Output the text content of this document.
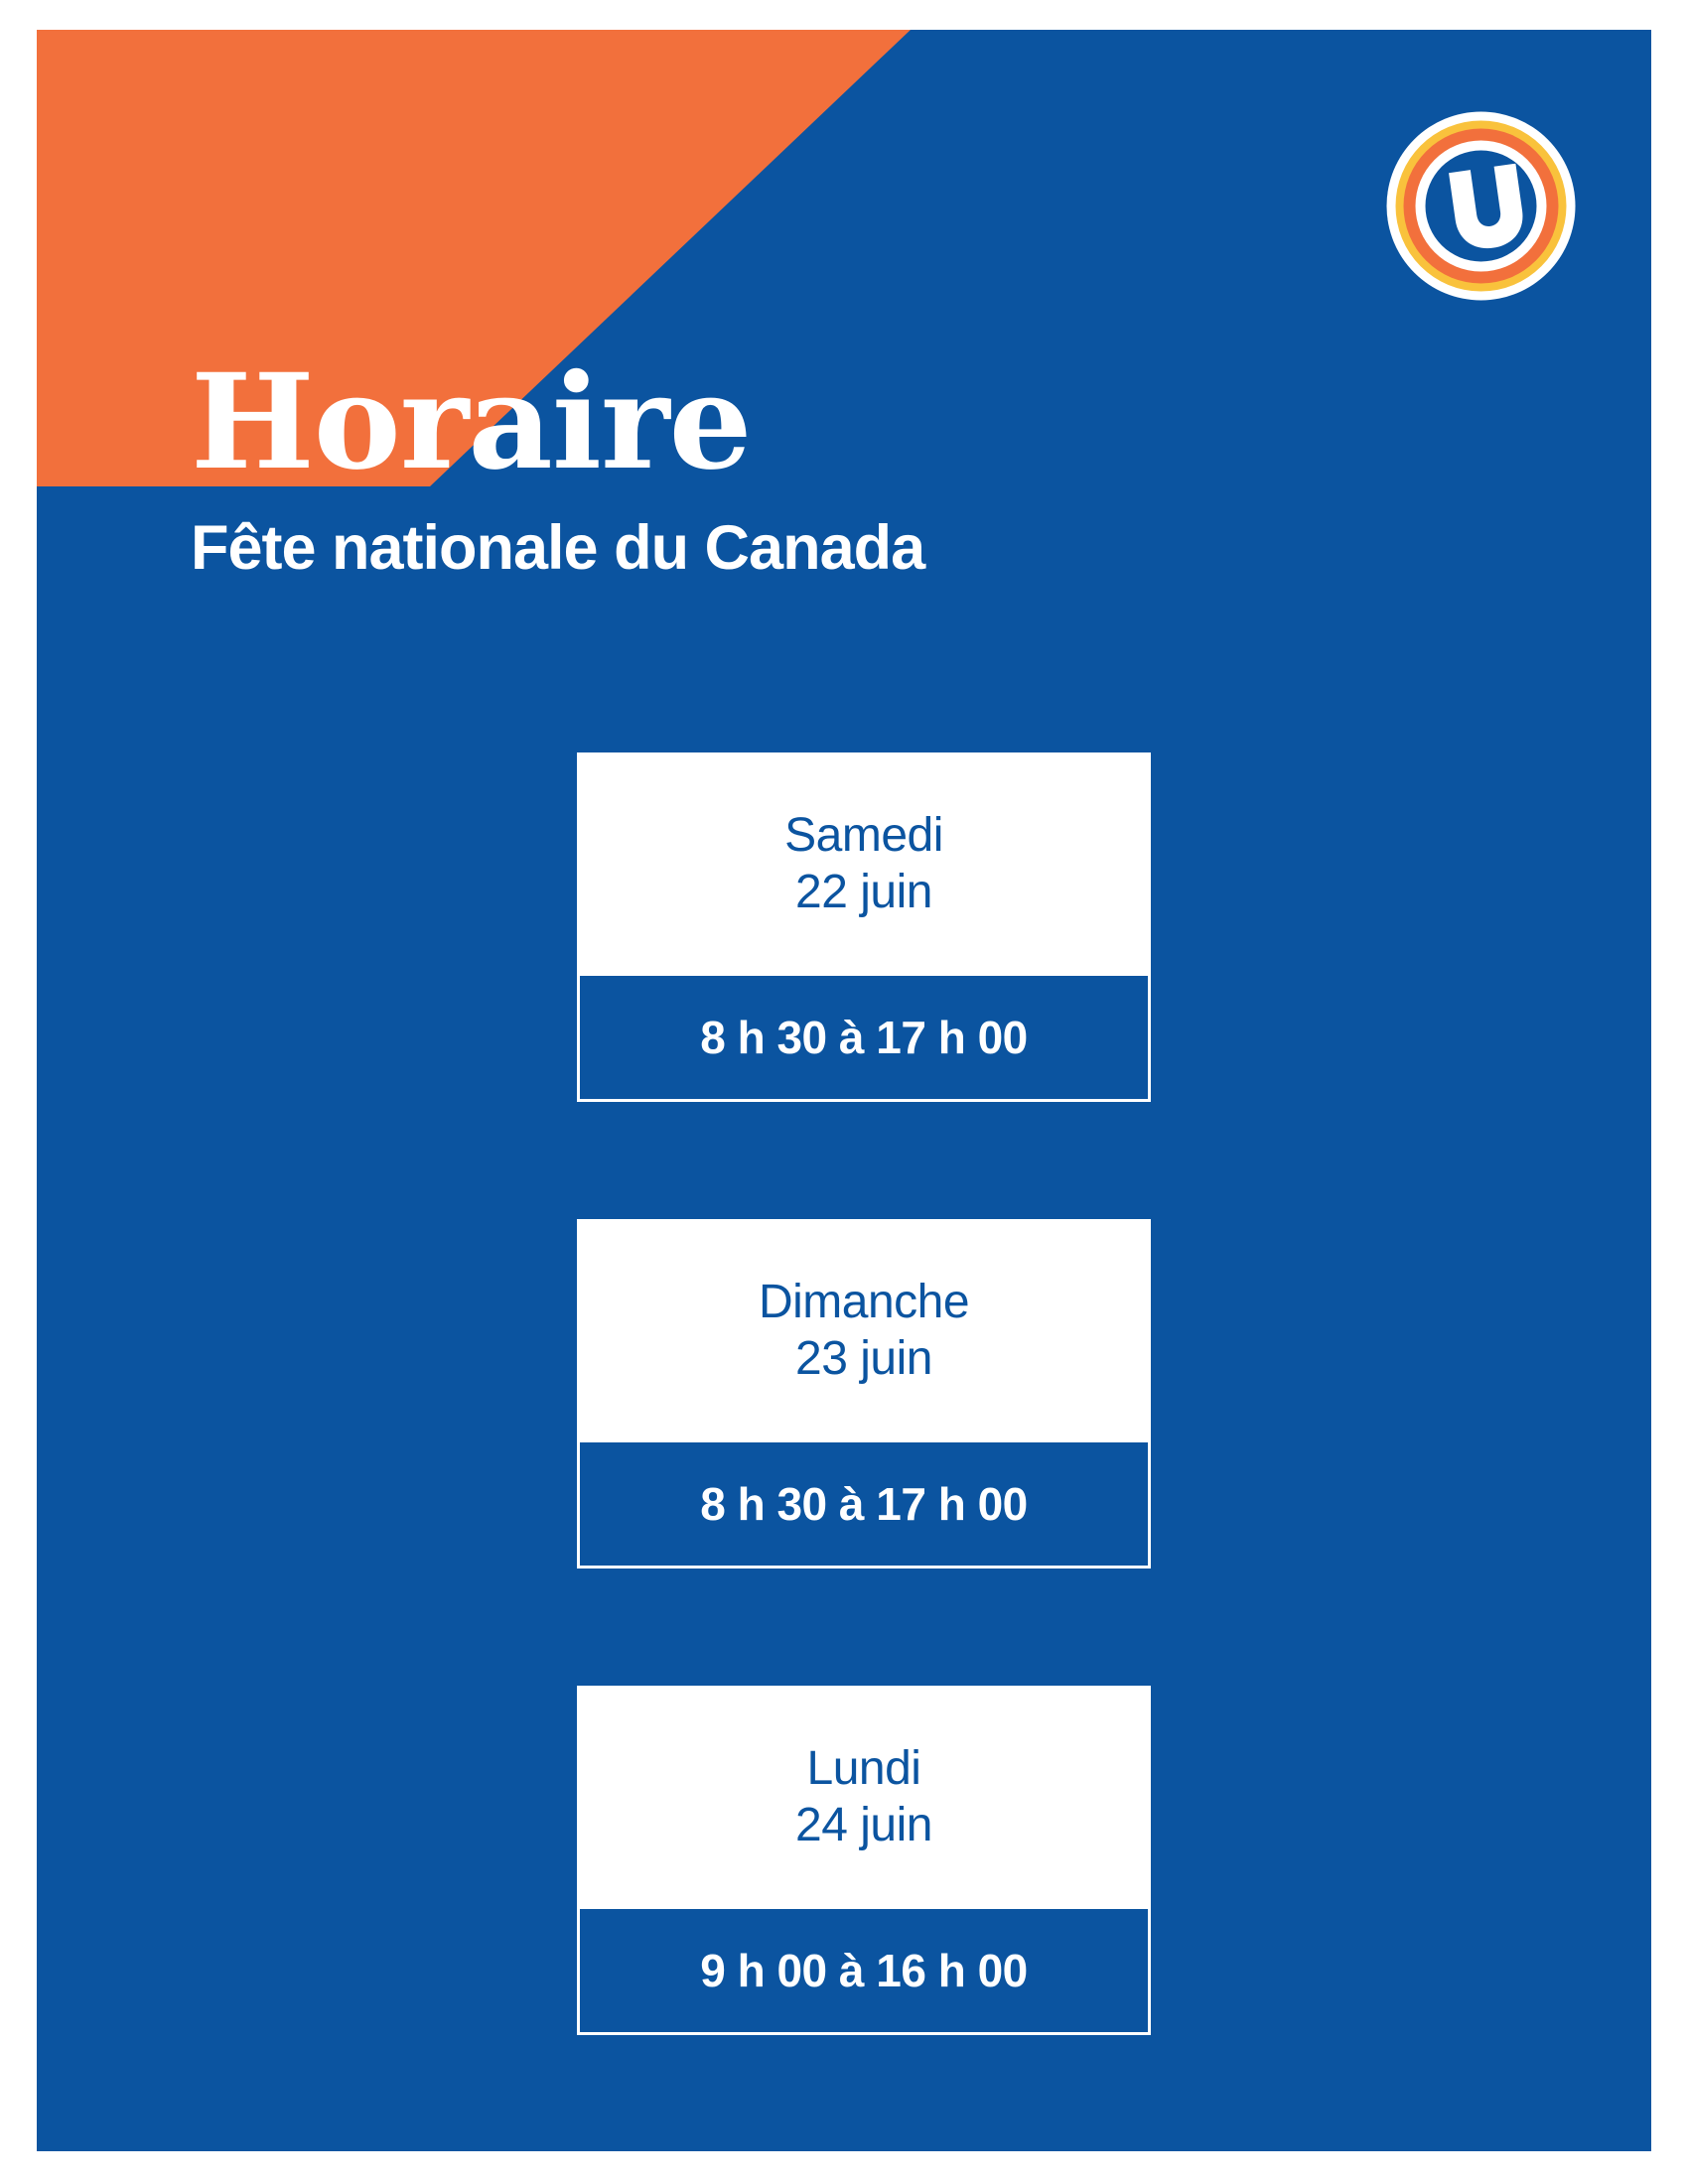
Horaire
Fête nationale du Canada
Samedi
22 juin
8 h 30 à 17 h 00
Dimanche
23 juin
8 h 30 à 17 h 00
Lundi
24 juin
9 h 00 à 16 h 00
